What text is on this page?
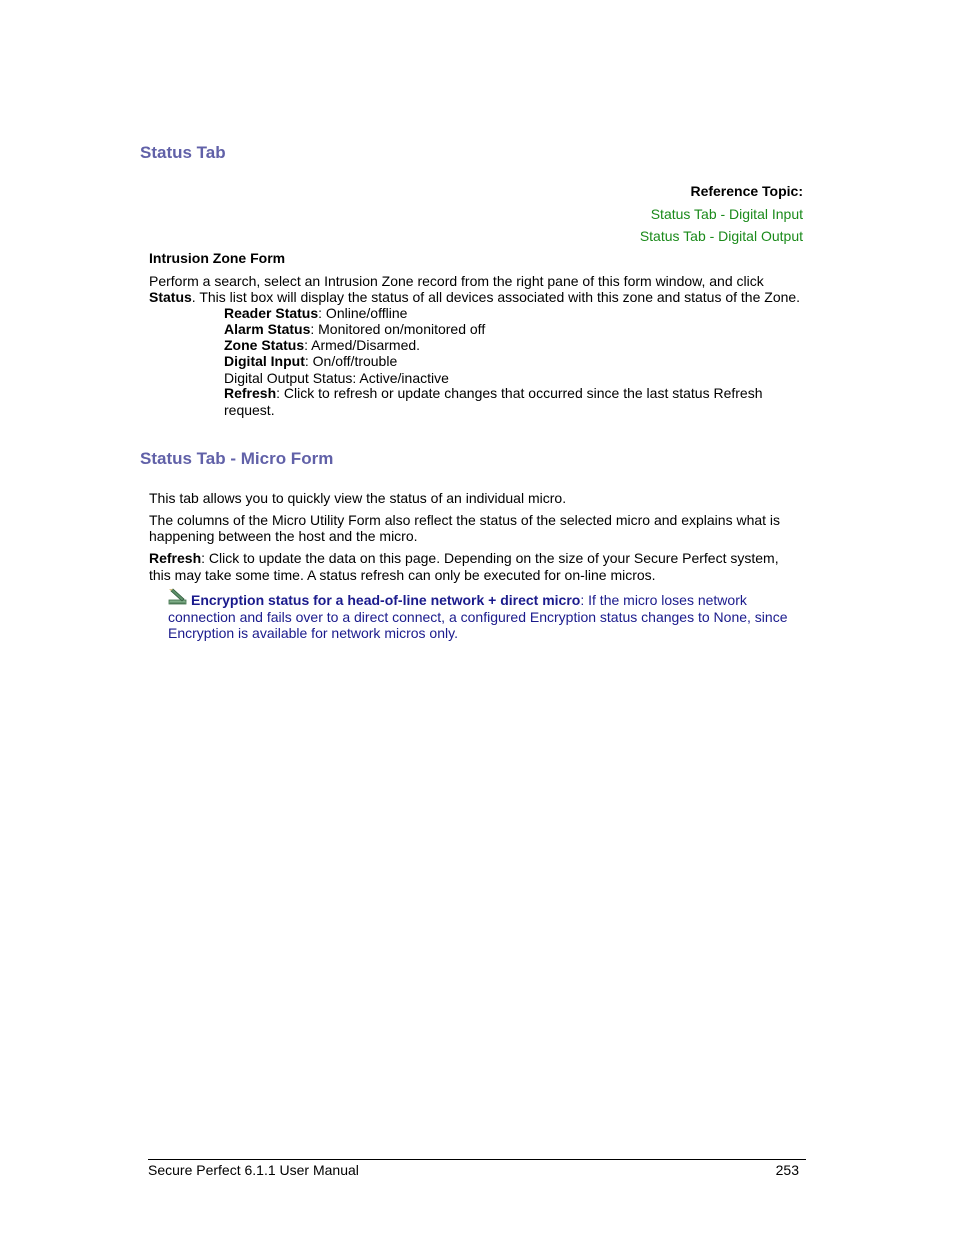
Status Tab
Reference Topic:
Status Tab - Digital Input
Status Tab - Digital Output
Intrusion Zone Form
Perform a search, select an Intrusion Zone record from the right pane of this form window, and click
Status. This list box will display the status of all devices associated with this zone and status of the Zone.
Reader Status: Online/offline
Alarm Status: Monitored on/monitored off
Zone Status: Armed/Disarmed.
Digital Input: On/off/trouble
Digital Output Status: Active/inactive
Refresh: Click to refresh or update changes that occurred since the last status Refresh
request.
Status Tab - Micro Form
This tab allows you to quickly view the status of an individual micro.
The columns of the Micro Utility Form also reflect the status of the selected micro and explains what is
happening between the host and the micro.
Refresh: Click to update the data on this page. Depending on the size of your Secure Perfect system,
this may take some time. A status refresh can only be executed for on-line micros.
Encryption status for a head-of-line network + direct micro: If the micro loses network
connection and fails over to a direct connect, a configured Encryption status changes to None, since
Encryption is available for network micros only.
Secure Perfect 6.1.1 User Manual	253
